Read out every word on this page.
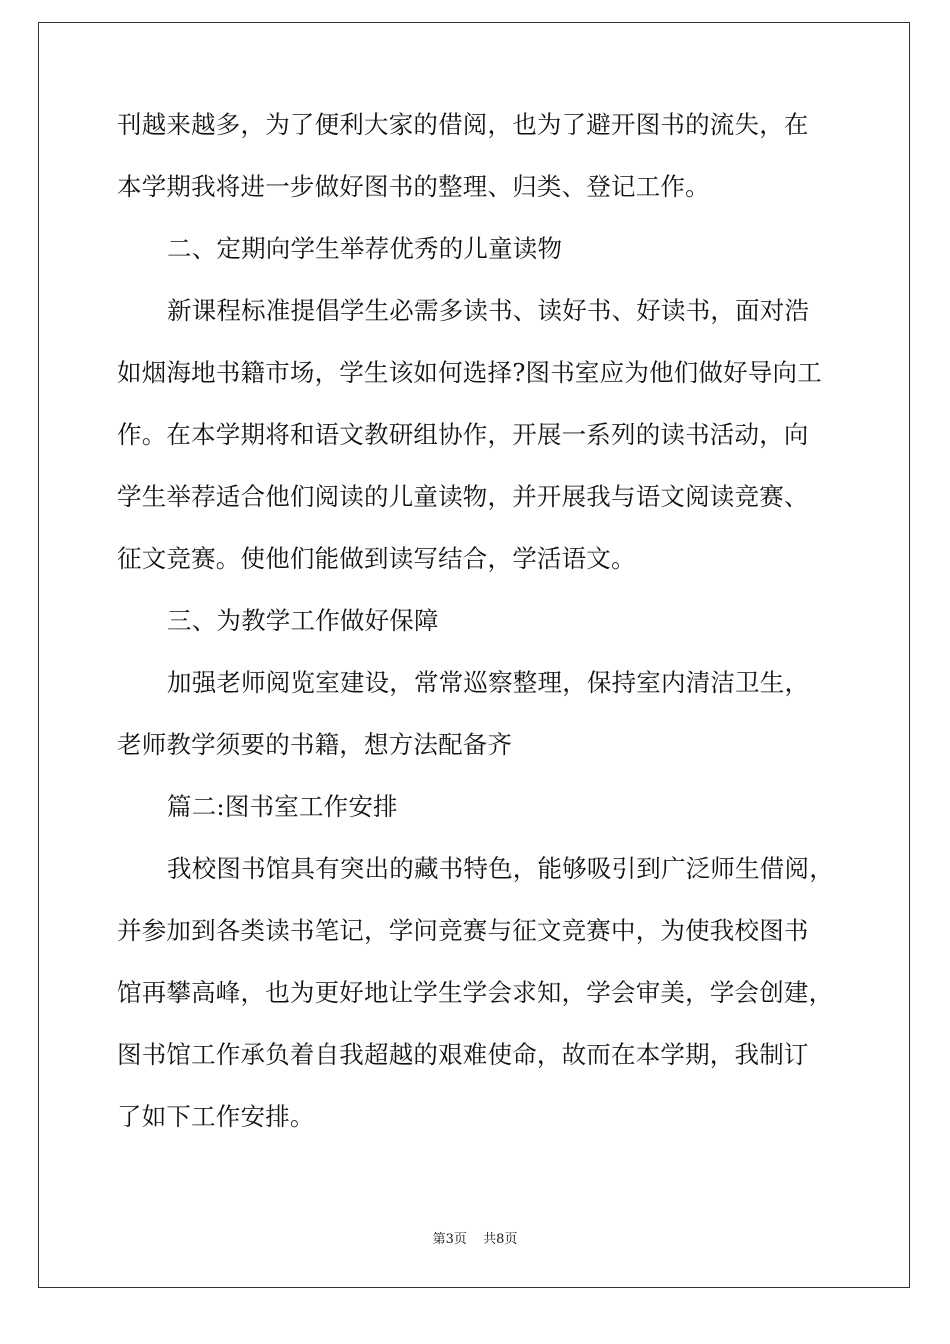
刊越来越多，为了便利大家的借阅，也为了避开图书的流失，在
本学期我将进一步做好图书的整理、归类、登记工作。
二、定期向学生举荐优秀的儿童读物
新课程标准提倡学生必需多读书、读好书、好读书，面对浩
如烟海地书籍市场，学生该如何选择?图书室应为他们做好导向工
作。在本学期将和语文教研组协作，开展一系列的读书活动，向
学生举荐适合他们阅读的儿童读物，并开展我与语文阅读竞赛、
征文竞赛。使他们能做到读写结合，学活语文。
三、为教学工作做好保障
加强老师阅览室建设，常常巡察整理，保持室内清洁卫生，
老师教学须要的书籍，想方法配备齐
篇二:图书室工作安排
我校图书馆具有突出的藏书特色，能够吸引到广泛师生借阅，
并参加到各类读书笔记，学问竞赛与征文竞赛中，为使我校图书
馆再攀高峰，也为更好地让学生学会求知，学会审美，学会创建，
图书馆工作承负着自我超越的艰难使命，故而在本学期，我制订
了如下工作安排。
第3页 共8页
